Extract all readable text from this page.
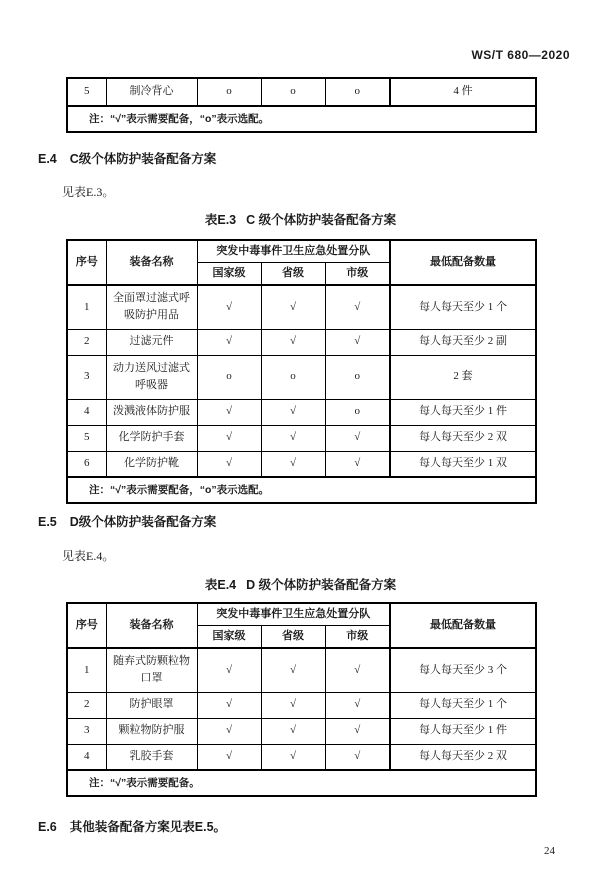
WS/T 680—2020
5	制冷背心	o	o	o	4 件
注：“√”表示需要配备，“o”表示选配。
E.4 C级个体防护装备配备方案
见表E.3。
表E.3 C 级个体防护装备配备方案
序号	装备名称	突发中毒事件卫生应急处置分队			最低配备数量
		国家级	省级	市级	
1	全面罩过滤式呼吸防护用品	√	√	√	每人每天至少 1 个
2	过滤元件	√	√	√	每人每天至少 2 副
3	动力送风过滤式呼吸器	o	o	o	2 套
4	泼溅液体防护服	√	√	o	每人每天至少 1 件
5	化学防护手套	√	√	√	每人每天至少 2 双
6	化学防护靴	√	√	√	每人每天至少 1 双
注：“√”表示需要配备，“o”表示选配。					
E.5 D级个体防护装备配备方案
见表E.4。
表E.4 D 级个体防护装备配备方案
序号	装备名称	突发中毒事件卫生应急处置分队			最低配备数量
		国家级	省级	市级	
1	随弃式防颗粒物口罩	√	√	√	每人每天至少 3 个
2	防护眼罩	√	√	√	每人每天至少 1 个
3	颗粒物防护服	√	√	√	每人每天至少 1 件
4	乳胶手套	√	√	√	每人每天至少 2 双
注：“√”表示需要配备。					
E.6 其他装备配备方案见表E.5。
24
